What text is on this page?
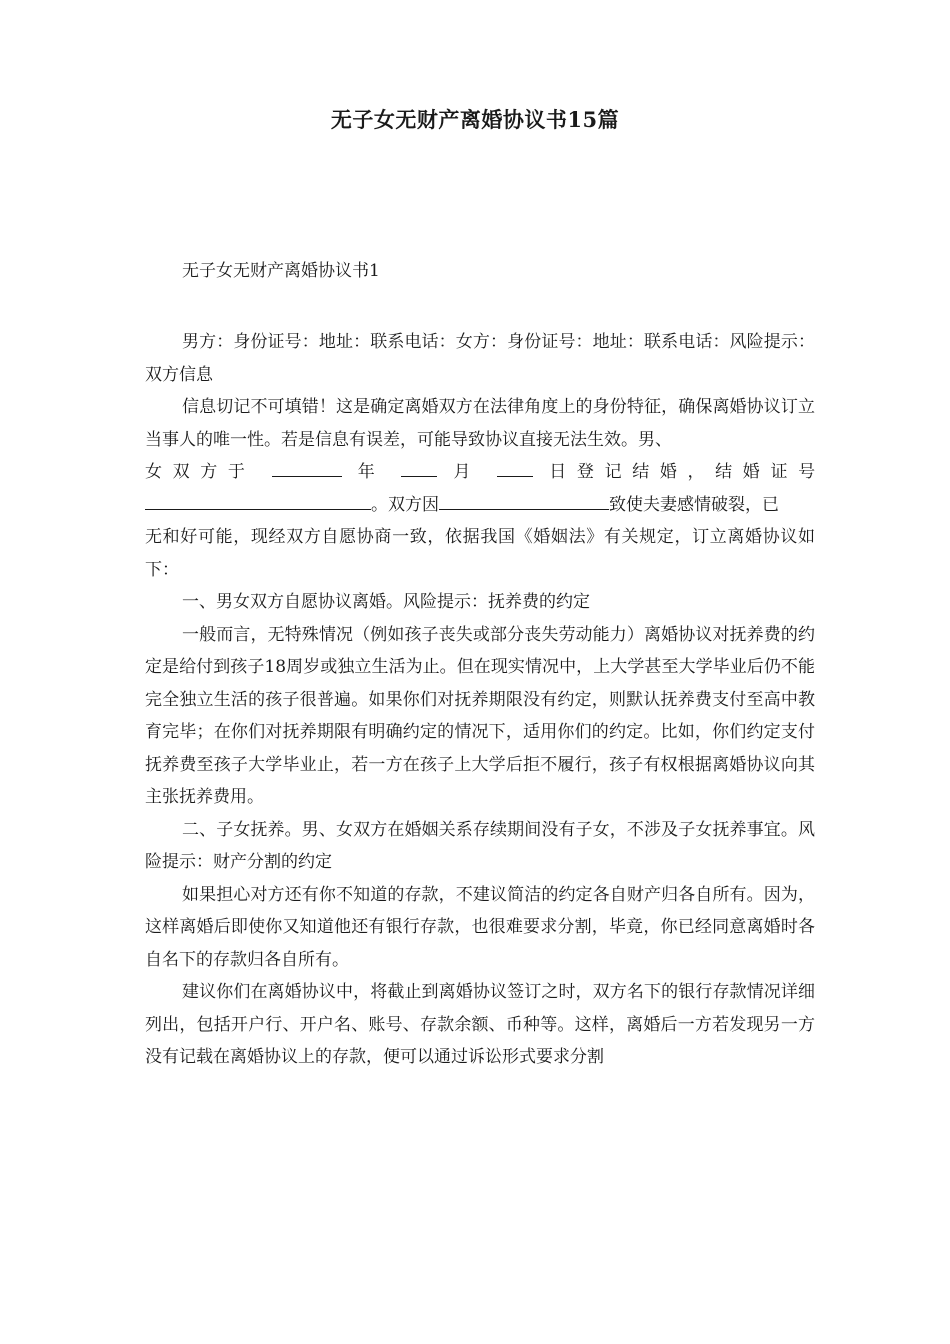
无子女无财产离婚协议书15篇
无子女无财产离婚协议书1

男方：身份证号：地址：联系电话：女方：身份证号：地址：联系电话：风险提示：双方信息

信息切记不可填错！这是确定离婚双方在法律角度上的身份特征，确保离婚协议订立当事人的唯一性。若是信息有误差，可能导致协议直接无法生效。男、

女双方于	年	月	日登记结婚，结婚证号

。双方因	致使夫妻感情破裂，已

无和好可能，现经双方自愿协商一致，依据我国《婚姻法》有关规定，订立离婚协议如下：

一、男女双方自愿协议离婚。风险提示：抚养费的约定

一般而言，无特殊情况（例如孩子丧失或部分丧失劳动能力）离婚协议对抚养费的约定是给付到孩子18周岁或独立生活为止。但在现实情况中，上大学甚至大学毕业后仍不能完全独立生活的孩子很普遍。如果你们对抚养期限没有约定，则默认抚养费支付至高中教育完毕；在你们对抚养期限有明确约定的情况下，适用你们的约定。比如，你们约定支付抚养费至孩子大学毕业止，若一方在孩子上大学后拒不履行，孩子有权根据离婚协议向其主张抚养费用。

二、子女抚养。男、女双方在婚姻关系存续期间没有子女，不涉及子女抚养事宜。风险提示：财产分割的约定

如果担心对方还有你不知道的存款，不建议简洁的约定各自财产归各自所有。因为，这样离婚后即使你又知道他还有银行存款，也很难要求分割，毕竟，你已经同意离婚时各自名下的存款归各自所有。

建议你们在离婚协议中，将截止到离婚协议签订之时，双方名下的银行存款情况详细列出，包括开户行、开户名、账号、存款余额、币种等。这样，离婚后一方若发现另一方没有记载在离婚协议上的存款，便可以通过诉讼形式要求分割
